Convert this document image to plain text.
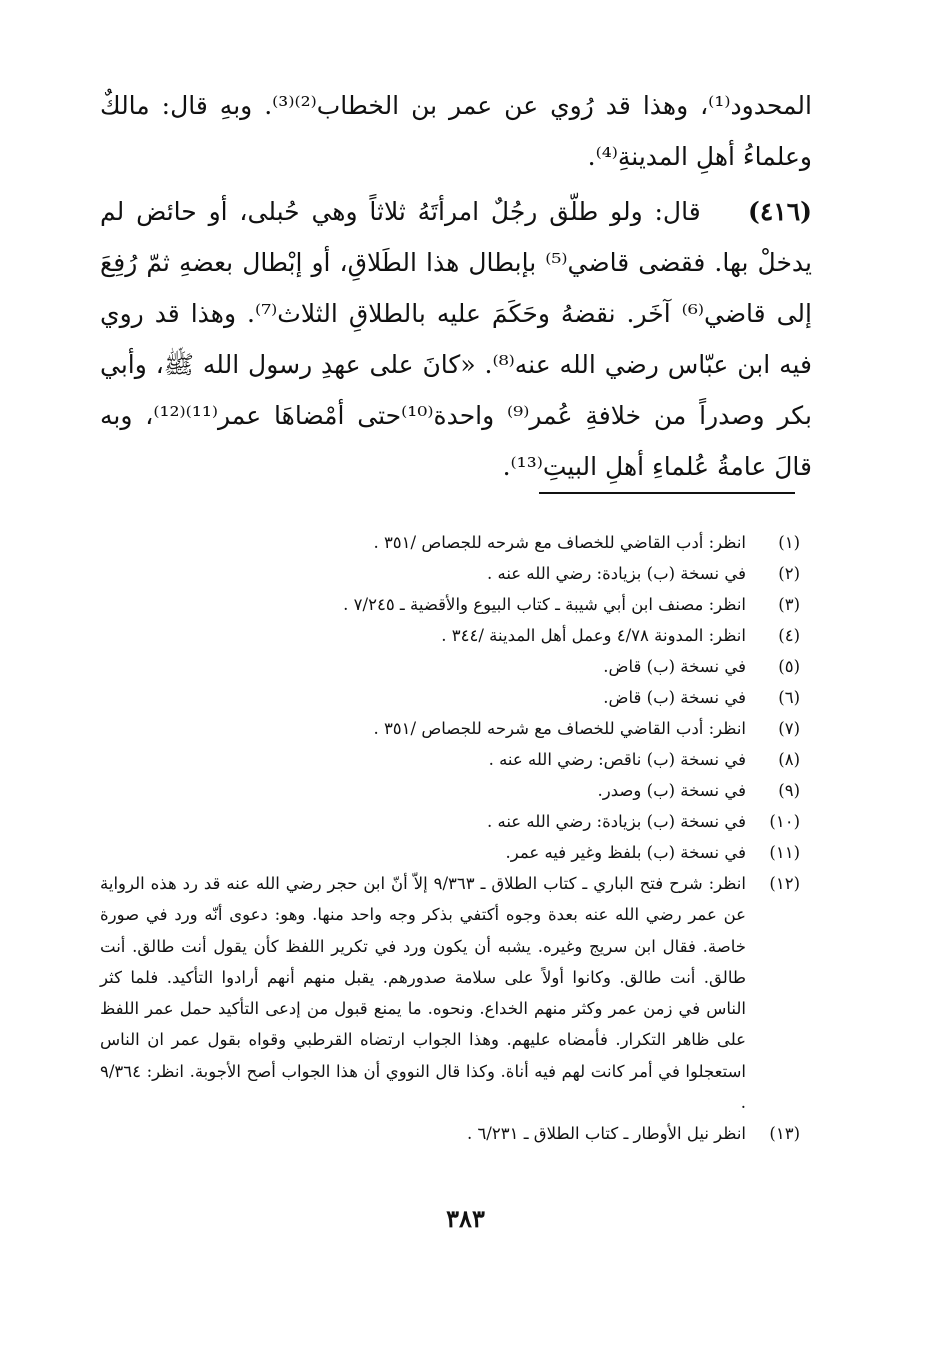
المحدود⁽¹⁾، وهذا قد رُوي عن عمر بن الخطاب⁽²⁾⁽³⁾. وبهِ قال: مالكٌ وعلماءُ أهلِ المدينةِ⁽⁴⁾.

(٤١٦)    قال: ولو طلّق رجُلٌ امرأتَهُ ثلاثاً وهي حُبلى، أو حائض لم يدخلْ بها. فقضى قاضي⁽⁵⁾ بإبطال هذا الطَلاقِ، أو إبْطال بعضهِ ثمّ رُفِعَ إلى قاضي⁽⁶⁾ آخَر. نقضهُ وحَكَمَ عليه بالطلاقِ الثلاث⁽⁷⁾. وهذا قد روي فيه ابن عبّاس رضي الله عنه⁽⁸⁾. «كانَ على عهدِ رسول الله ﷺ، وأبي بكر وصدراً من خلافةِ عُمر⁽⁹⁾ واحدة⁽¹⁰⁾حتى أمْضاهَا عمر⁽¹¹⁾⁽¹²⁾، وبه قالَ عامةُ عُلماءِ أهلِ البيتِ⁽¹³⁾.

(١)
انظر: أدب القاضي للخصاف مع شرحه للجصاص /٣٥١ .
(٢)
في نسخة (ب) بزيادة: رضي الله عنه .
(٣)
انظر: مصنف ابن أبي شيبة ـ كتاب البيوع والأقضية ـ ٧/٢٤٥ .
(٤)
انظر: المدونة ٤/٧٨ وعمل أهل المدينة /٣٤٤ .
(٥)
في نسخة (ب) قاض.
(٦)
في نسخة (ب) قاض.
(٧)
انظر: أدب القاضي للخصاف مع شرحه للجصاص /٣٥١ .
(٨)
في نسخة (ب) ناقص: رضي الله عنه .
(٩)
في نسخة (ب) وصدر.
(١٠)
في نسخة (ب) بزيادة: رضي الله عنه .
(١١)
في نسخة (ب) بلفظ وغير فيه عمر.
(١٢)
انظر: شرح فتح الباري ـ كتاب الطلاق ـ ٩/٣٦٣ إلاّ أنّ ابن حجر رضي الله عنه قد رد هذه الرواية عن عمر رضي الله عنه بعدة وجوه أكتفي بذكر وجه واحد منها. وهو: دعوى أنّه ورد في صورة خاصة. فقال ابن سريج وغيره. يشبه أن يكون ورد في تكرير اللفظ كأن يقول أنت طالق. أنت طالق. أنت طالق. وكانوا أولاً على سلامة صدورهم. يقبل منهم أنهم أرادوا التأكيد. فلما كثر الناس في زمن عمر وكثر منهم الخداع. ونحوه. ما يمنع قبول من إدعى التأكيد حمل عمر اللفظ على ظاهر التكرار. فأمضاه عليهم. وهذا الجواب ارتضاه القرطبي وقواه بقول عمر ان الناس استعجلوا في أمر كانت لهم فيه أناة. وكذا قال النووي أن هذا الجواب أصح الأجوبة. انظر: ٩/٣٦٤ .
(١٣)
انظر نيل الأوطار ـ كتاب الطلاق ـ ٦/٢٣١ .
٣٨٣
